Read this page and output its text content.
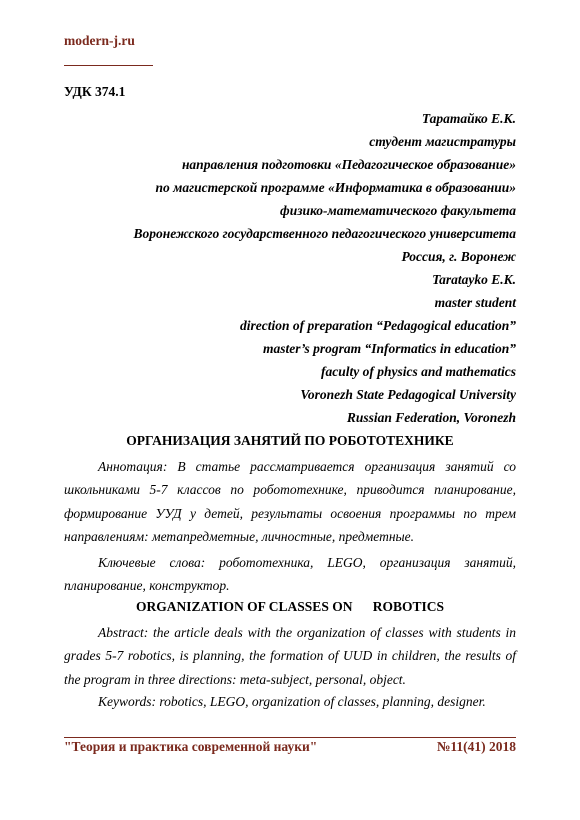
modern-j.ru
УДК 374.1
Таратайко Е.К.
студент магистратуры
направления подготовки «Педагогическое образование»
по магистерской программе «Информатика в образовании»
физико-математического факультета
Воронежского государственного педагогического университета
Россия, г. Воронеж
Taratayko E.K.
master student
direction of preparation “Pedagogical education”
master’s program “Informatics in education”
faculty of physics and mathematics
Voronezh State Pedagogical University
Russian Federation, Voronezh
ОРГАНИЗАЦИЯ ЗАНЯТИЙ ПО РОБОТОТЕХНИКЕ

Аннотация: В статье рассматривается организация занятий со школьниками 5-7 классов по робототехнике, приводится планирование, формирование УУД у детей, результаты освоения программы по трем направлениям: метапредметные, личностные, предметные.

Ключевые слова: робототехника, LEGO, организация занятий, планирование, конструктор.

ORGANIZATION OF CLASSES ON      ROBOTICS

Abstract: the article deals with the organization of classes with students in grades 5-7 robotics, is planning, the formation of UUD in children, the results of the program in three directions: meta-subject, personal, object.

Keywords: robotics, LEGO, organization of classes, planning, designer.

"Теория и практика современной науки"	№11(41) 2018
